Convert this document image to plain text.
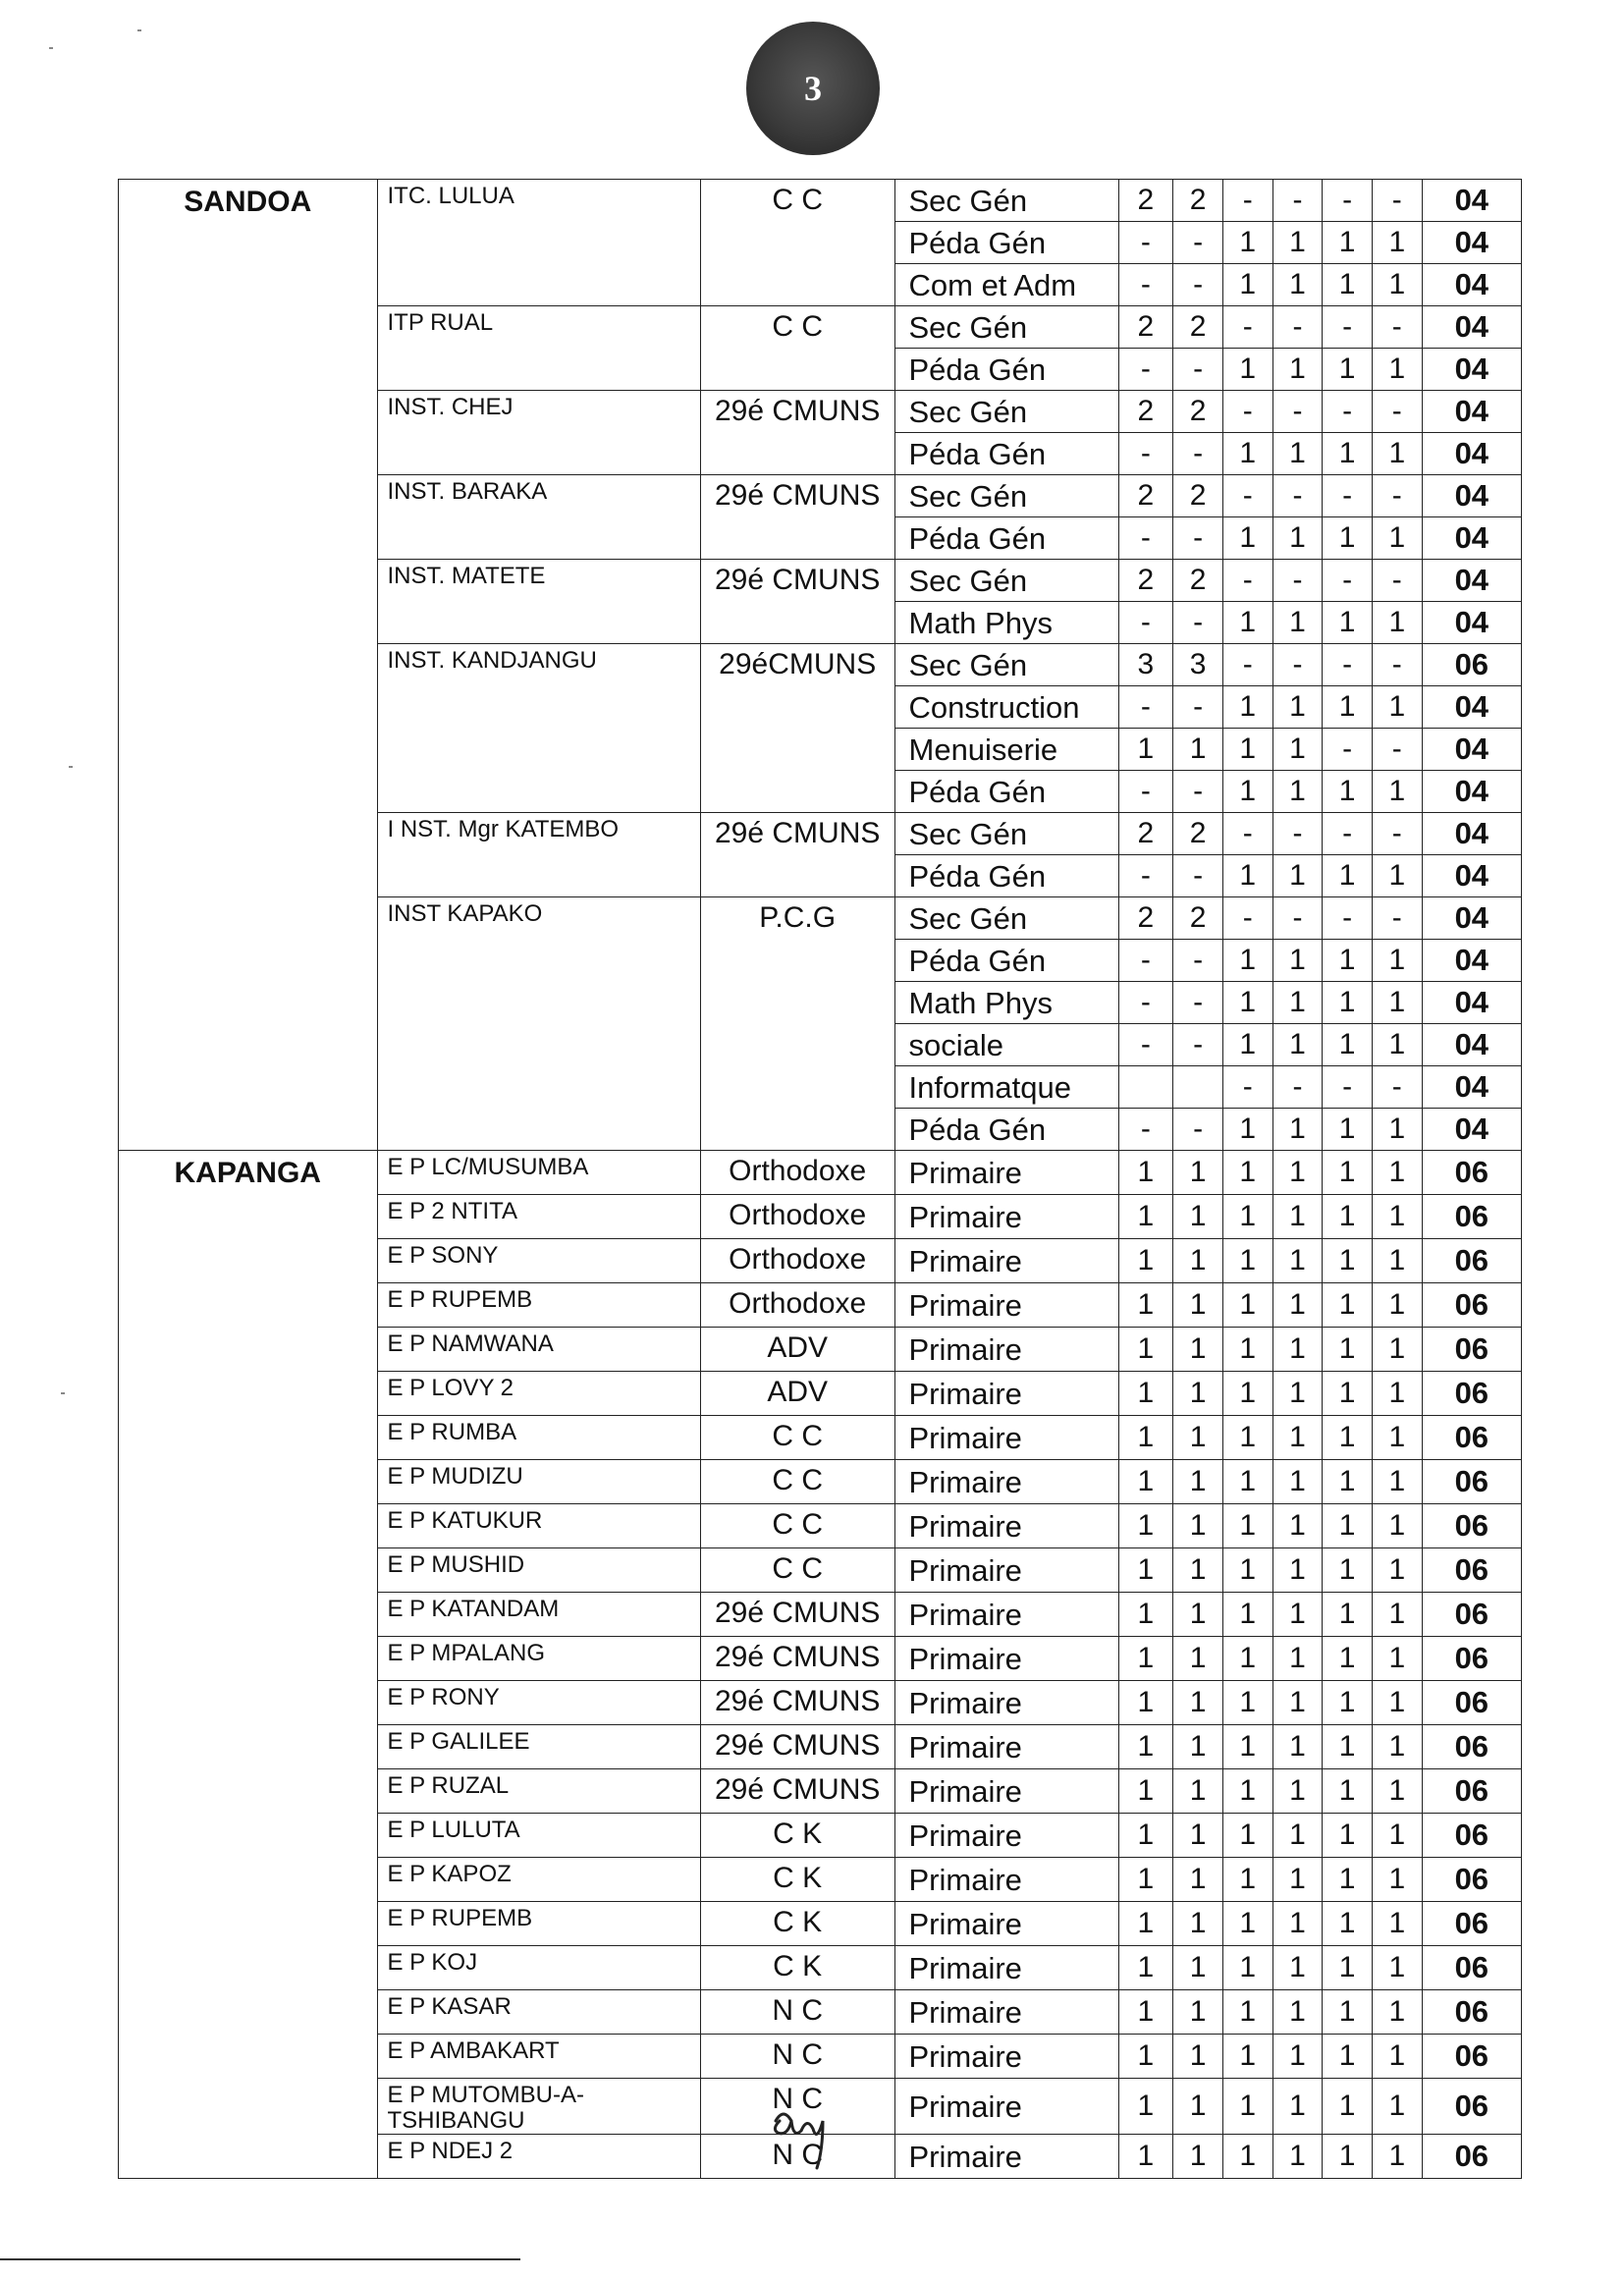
3
SANDOA	ITC. LULUA	C C	Sec Gén	2	2	-	-	-	-	04
			Péda Gén	-	-	1	1	1	1	04
			Com et Adm	-	-	1	1	1	1	04
	ITP RUAL	C C	Sec Gén	2	2	-	-	-	-	04
			Péda Gén	-	-	1	1	1	1	04
	INST. CHEJ	29é CMUNS	Sec Gén	2	2	-	-	-	-	04
			Péda Gén	-	-	1	1	1	1	04
	INST. BARAKA	29é CMUNS	Sec Gén	2	2	-	-	-	-	04
			Péda Gén	-	-	1	1	1	1	04
	INST. MATETE	29é CMUNS	Sec Gén	2	2	-	-	-	-	04
			Math Phys	-	-	1	1	1	1	04
	INST. KANDJANGU	29éCMUNS	Sec Gén	3	3	-	-	-	-	06
			Construction	-	-	1	1	1	1	04
			Menuiserie	1	1	1	1	-	-	04
			Péda Gén	-	-	1	1	1	1	04
	I NST. Mgr KATEMBO	29é CMUNS	Sec Gén	2	2	-	-	-	-	04
			Péda Gén	-	-	1	1	1	1	04
	INST KAPAKO	P.C.G	Sec Gén	2	2	-	-	-	-	04
			Péda Gén	-	-	1	1	1	1	04
			Math Phys	-	-	1	1	1	1	04
			sociale	-	-	1	1	1	1	04
			Informatque			-	-	-	-	04
			Péda Gén	-	-	1	1	1	1	04
KAPANGA	E P LC/MUSUMBA	Orthodoxe	Primaire	1	1	1	1	1	1	06
	E P 2 NTITA	Orthodoxe	Primaire	1	1	1	1	1	1	06
	E P SONY	Orthodoxe	Primaire	1	1	1	1	1	1	06
	E P RUPEMB	Orthodoxe	Primaire	1	1	1	1	1	1	06
	E P NAMWANA	ADV	Primaire	1	1	1	1	1	1	06
	E P LOVY 2	ADV	Primaire	1	1	1	1	1	1	06
	E P RUMBA	C C	Primaire	1	1	1	1	1	1	06
	E P MUDIZU	C C	Primaire	1	1	1	1	1	1	06
	E P KATUKUR	C C	Primaire	1	1	1	1	1	1	06
	E P MUSHID	C C	Primaire	1	1	1	1	1	1	06
	E P KATANDAM	29é CMUNS	Primaire	1	1	1	1	1	1	06
	E P MPALANG	29é CMUNS	Primaire	1	1	1	1	1	1	06
	E P RONY	29é CMUNS	Primaire	1	1	1	1	1	1	06
	E P GALILEE	29é CMUNS	Primaire	1	1	1	1	1	1	06
	E P RUZAL	29é CMUNS	Primaire	1	1	1	1	1	1	06
	E P LULUTA	C K	Primaire	1	1	1	1	1	1	06
	E P KAPOZ	C K	Primaire	1	1	1	1	1	1	06
	E P RUPEMB	C K	Primaire	1	1	1	1	1	1	06
	E P KOJ	C K	Primaire	1	1	1	1	1	1	06
	E P KASAR	N C	Primaire	1	1	1	1	1	1	06
	E P AMBAKART	N C	Primaire	1	1	1	1	1	1	06
	E P MUTOMBU-A-TSHIBANGU	N C	Primaire	1	1	1	1	1	1	06
	E P NDEJ 2	N C	Primaire	1	1	1	1	1	1	06
